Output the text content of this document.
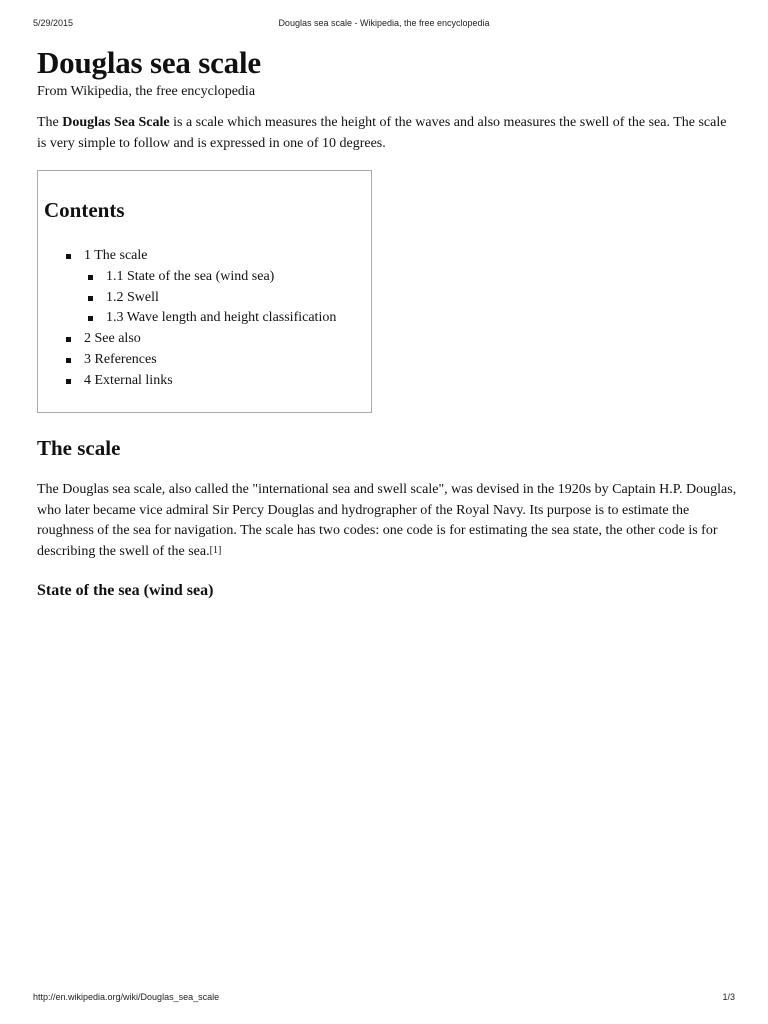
5/29/2015	Douglas sea scale - Wikipedia, the free encyclopedia
Douglas sea scale
From Wikipedia, the free encyclopedia

The Douglas Sea Scale is a scale which measures the height of the waves and also measures the swell of the sea. The scale is very simple to follow and is expressed in one of 10 degrees.

Contents
1 The scale
1.1 State of the sea (wind sea)
1.2 Swell
1.3 Wave length and height classification
2 See also
3 References
4 External links
The scale

The Douglas sea scale, also called the "international sea and swell scale", was devised in the 1920s by Captain H.P. Douglas, who later became vice admiral Sir Percy Douglas and hydrographer of the Royal Navy. Its purpose is to estimate the roughness of the sea for navigation. The scale has two codes: one code is for estimating the sea state, the other code is for describing the swell of the sea.[1]

State of the sea (wind sea)
http://en.wikipedia.org/wiki/Douglas_sea_scale	1/3
